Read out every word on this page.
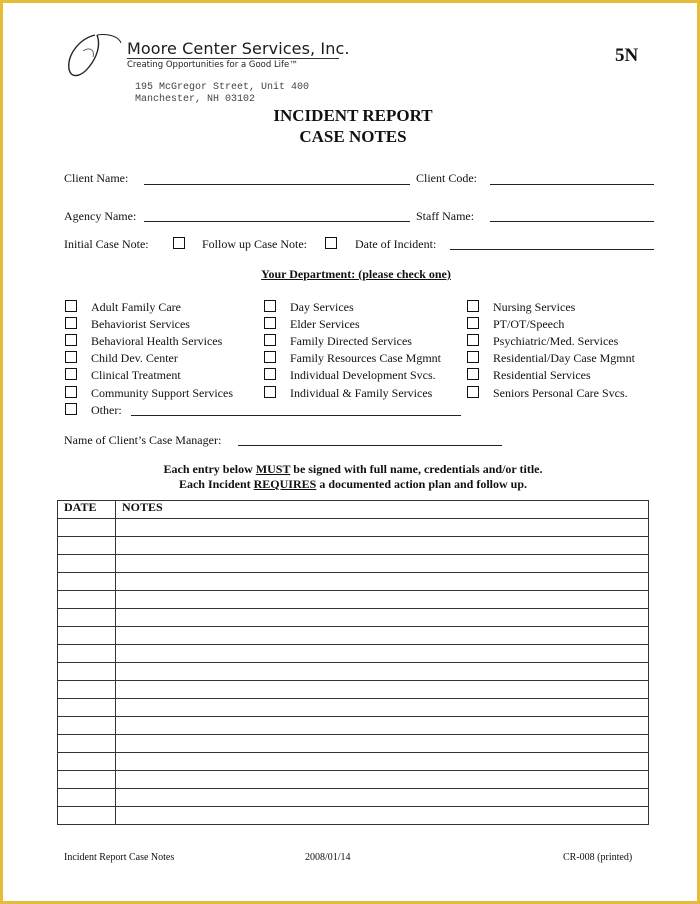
Moore Center Services, Inc.
Creating Opportunities for a Good Life™	5N
195 McGregor Street, Unit 400
Manchester, NH 03102
INCIDENT REPORT
CASE NOTES
Client Name:	Client Code:
Agency Name:	Staff Name:
Initial Case Note:	Follow up Case Note:	Date of Incident:
Your Department: (please check one)
Adult Family Care
Behaviorist Services
Behavioral Health Services
Child Dev. Center
Clinical Treatment
Community Support Services
Day Services
Elder Services
Family Directed Services
Family Resources Case Mgmnt
Individual Development Svcs.
Individual & Family Services
Nursing Services
PT/OT/Speech
Psychiatric/Med. Services
Residential/Day Case Mgmnt
Residential Services
Seniors Personal Care Svcs.
Other:
Name of Client’s Case Manager:
Each entry below MUST be signed with full name, credentials and/or title.
Each Incident REQUIRES a documented action plan and follow up.
DATE	NOTES

Incident Report Case Notes	2008/01/14	CR-008 (printed)
